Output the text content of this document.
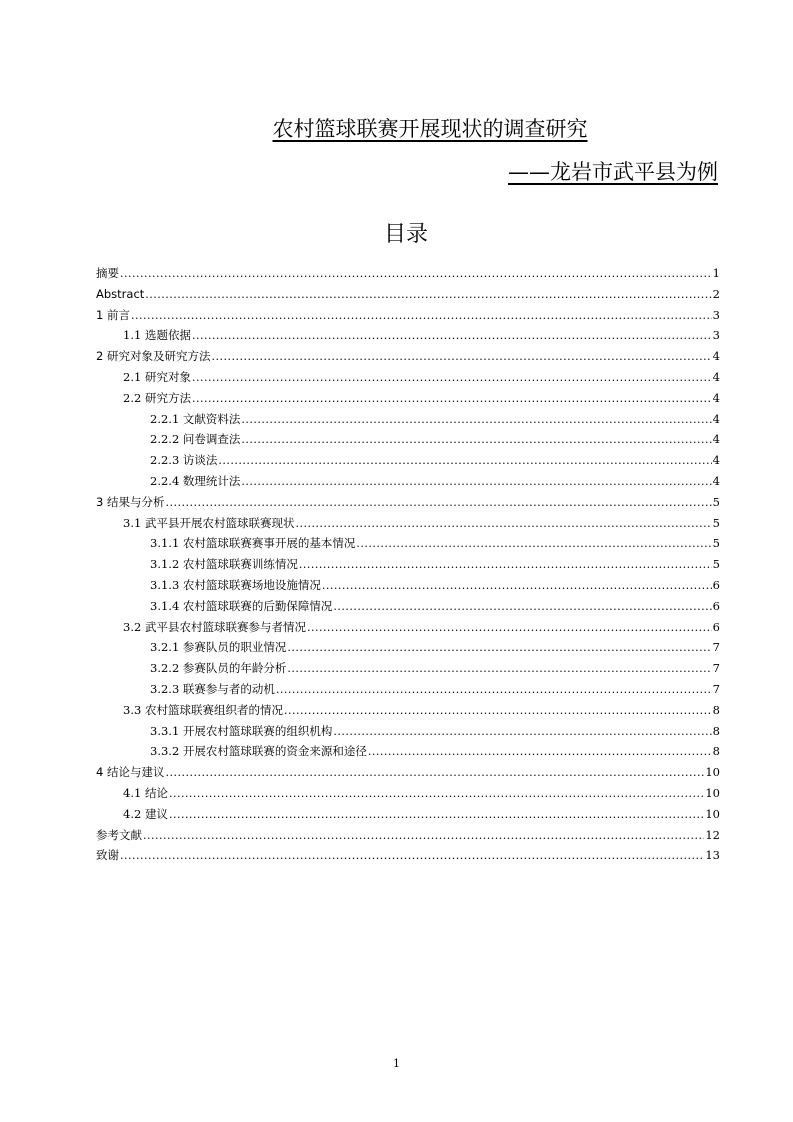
农村篮球联赛开展现状的调查研究
——龙岩市武平县为例
目录
摘要 .....	1
Abstract .....	2
1 前言 .....	3
1.1 选题依据 .....	3
2 研究对象及研究方法 .....	4
2.1 研究对象 .....	4
2.2 研究方法 .....	4
2.2.1 文献资料法 .....	4
2.2.2 问卷调查法 .....	4
2.2.3 访谈法 .....	4
2.2.4 数理统计法 .....	4
3 结果与分析 .....	5
3.1 武平县开展农村篮球联赛现状 .....	5
3.1.1 农村篮球联赛赛事开展的基本情况 .....	5
3.1.2 农村篮球联赛训练情况 .....	5
3.1.3 农村篮球联赛场地设施情况 .....	6
3.1.4 农村篮球联赛的后勤保障情况 .....	6
3.2 武平县农村篮球联赛参与者情况 .....	6
3.2.1 参赛队员的职业情况 .....	7
3.2.2 参赛队员的年龄分析 .....	7
3.2.3 联赛参与者的动机 .....	7
3.3 农村篮球联赛组织者的情况 .....	8
3.3.1 开展农村篮球联赛的组织机构 .....	8
3.3.2 开展农村篮球联赛的资金来源和途径 .....	8
4 结论与建议 .....	10
4.1 结论 .....	10
4.2 建议 .....	10
参考文献 .....	12
致谢 .....	13
1
